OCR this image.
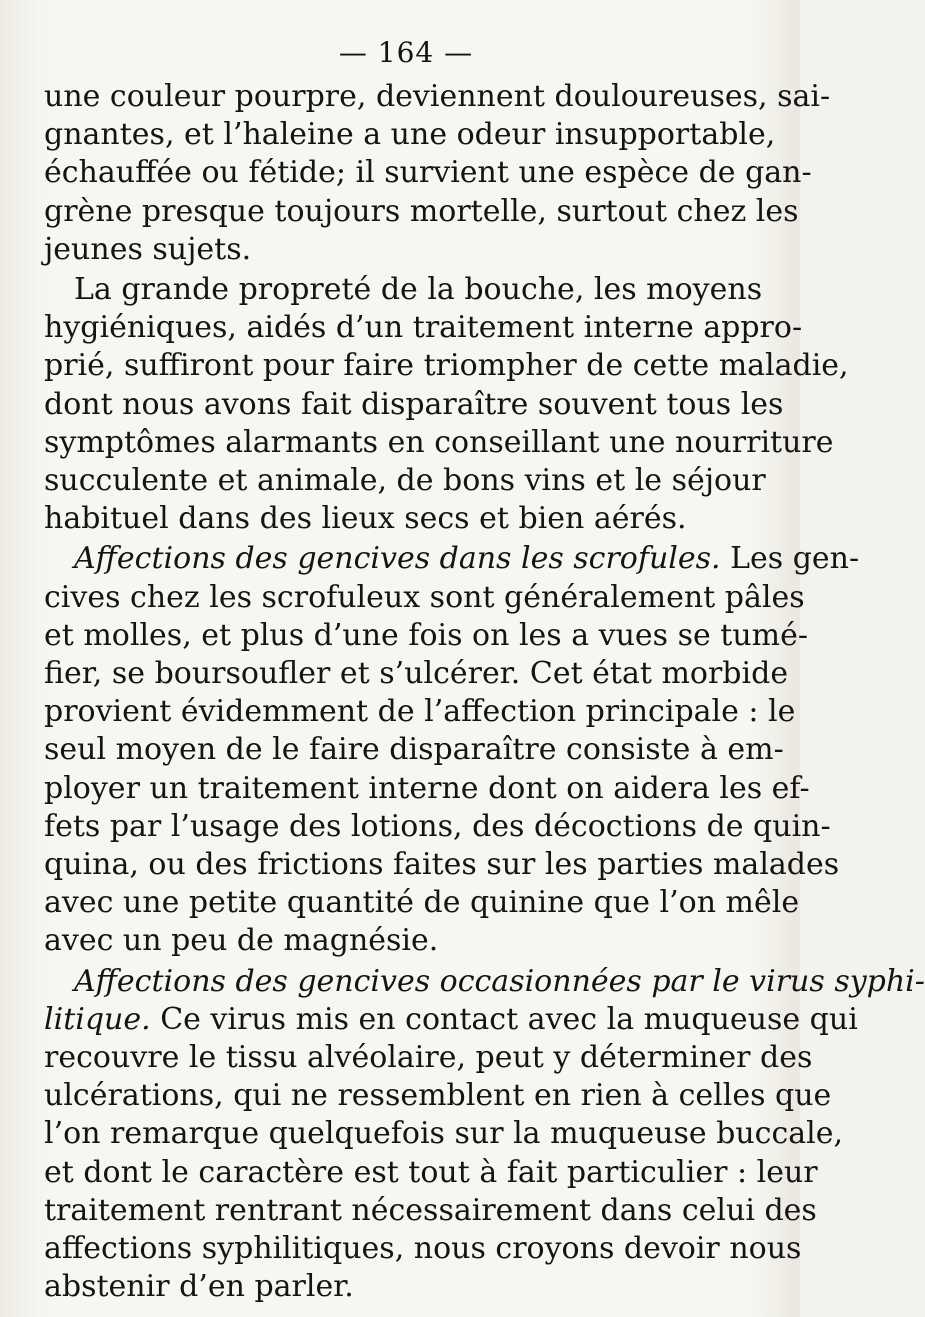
— 164 —
une couleur pourpre, deviennent douloureuses, sai-
gnantes, et l’haleine a une odeur insupportable,
échauffée ou fétide; il survient une espèce de gan-
grène presque toujours mortelle, surtout chez les
jeunes sujets.
La grande propreté de la bouche, les moyens
hygiéniques, aidés d’un traitement interne appro-
prié, suffiront pour faire triompher de cette maladie,
dont nous avons fait disparaître souvent tous les
symptômes alarmants en conseillant une nourriture
succulente et animale, de bons vins et le séjour
habituel dans des lieux secs et bien aérés.
Affections des gencives dans les scrofules. Les gen-
cives chez les scrofuleux sont généralement pâles
et molles, et plus d’une fois on les a vues se tumé-
fier, se boursoufler et s’ulcérer. Cet état morbide
provient évidemment de l’affection principale : le
seul moyen de le faire disparaître consiste à em-
ployer un traitement interne dont on aidera les ef-
fets par l’usage des lotions, des décoctions de quin-
quina, ou des frictions faites sur les parties malades
avec une petite quantité de quinine que l’on mêle
avec un peu de magnésie.
Affections des gencives occasionnées par le virus syphi-
litique. Ce virus mis en contact avec la muqueuse qui
recouvre le tissu alvéolaire, peut y déterminer des
ulcérations, qui ne ressemblent en rien à celles que
l’on remarque quelquefois sur la muqueuse buccale,
et dont le caractère est tout à fait particulier : leur
traitement rentrant nécessairement dans celui des
affections syphilitiques, nous croyons devoir nous
abstenir d’en parler.
